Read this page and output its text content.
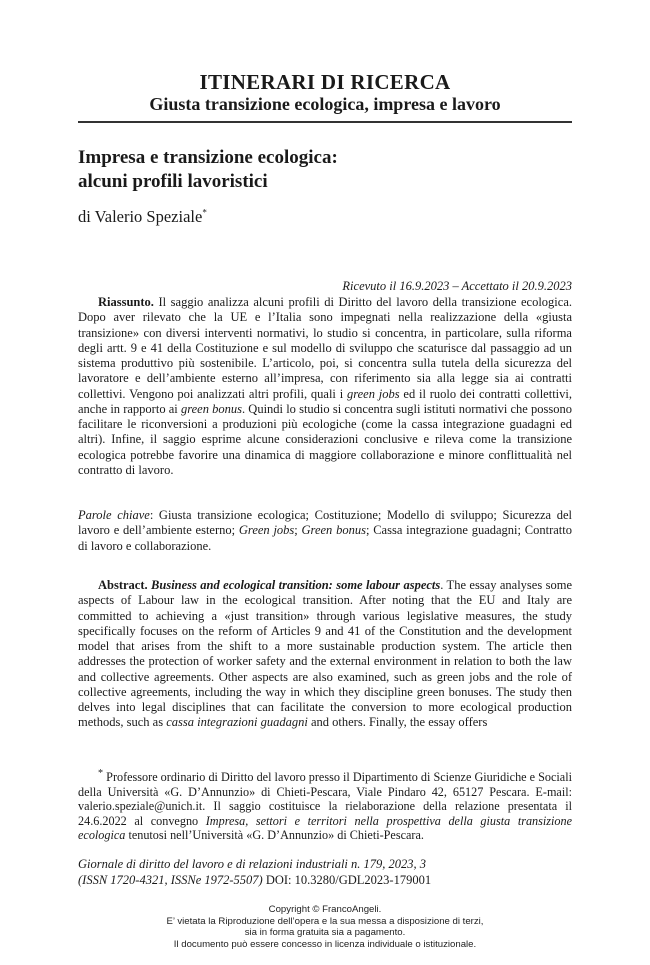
ITINERARI DI RICERCA
Giusta transizione ecologica, impresa e lavoro
Impresa e transizione ecologica:
alcuni profili lavoristici
di Valerio Speziale*
Ricevuto il 16.9.2023 – Accettato il 20.9.2023
Riassunto. Il saggio analizza alcuni profili di Diritto del lavoro della transizione ecologica. Dopo aver rilevato che la UE e l’Italia sono impegnati nella realizzazione della «giusta transizione» con diversi interventi normativi, lo studio si concentra, in particolare, sulla riforma degli artt. 9 e 41 della Costituzione e sul modello di sviluppo che scaturisce dal passaggio ad un sistema produttivo più sostenibile. L’articolo, poi, si concentra sulla tutela della sicurezza del lavoratore e dell’ambiente esterno all’impresa, con riferimento sia alla legge sia ai contratti collettivi. Vengono poi analizzati altri profili, quali i green jobs ed il ruolo dei contratti collettivi, anche in rapporto ai green bonus. Quindi lo studio si concentra sugli istituti normativi che possono facilitare le riconversioni a produzioni più ecologiche (come la cassa integrazione guadagni ed altri). Infine, il saggio esprime alcune considerazioni conclusive e rileva come la transizione ecologica potrebbe favorire una dinamica di maggiore collaborazione e minore conflittualità nel contratto di lavoro.
Parole chiave: Giusta transizione ecologica; Costituzione; Modello di sviluppo; Sicurezza del lavoro e dell’ambiente esterno; Green jobs; Green bonus; Cassa integrazione guadagni; Contratto di lavoro e collaborazione.
Abstract. Business and ecological transition: some labour aspects. The essay analyses some aspects of Labour law in the ecological transition. After noting that the EU and Italy are committed to achieving a «just transition» through various legislative measures, the study specifically focuses on the reform of Articles 9 and 41 of the Constitution and the development model that arises from the shift to a more sustainable production system. The article then addresses the protection of worker safety and the external environment in relation to both the law and collective agreements. Other aspects are also examined, such as green jobs and the role of collective agreements, including the way in which they discipline green bonuses. The study then delves into legal disciplines that can facilitate the conversion to more ecological production methods, such as cassa integrazioni guadagni and others. Finally, the essay offers
* Professore ordinario di Diritto del lavoro presso il Dipartimento di Scienze Giuridiche e Sociali della Università «G. D’Annunzio» di Chieti-Pescara, Viale Pindaro 42, 65127 Pescara. E-mail: valerio.speziale@unich.it. Il saggio costituisce la rielaborazione della relazione presentata il 24.6.2022 al convegno Impresa, settori e territori nella prospettiva della giusta transizione ecologica tenutosi nell’Università «G. D’Annunzio» di Chieti-Pescara.
Giornale di diritto del lavoro e di relazioni industriali n. 179, 2023, 3
(ISSN 1720-4321, ISSNe 1972-5507) DOI: 10.3280/GDL2023-179001
Copyright © FrancoAngeli.
E’ vietata la Riproduzione dell’opera e la sua messa a disposizione di terzi,
sia in forma gratuita sia a pagamento.
Il documento può essere concesso in licenza individuale o istituzionale.
